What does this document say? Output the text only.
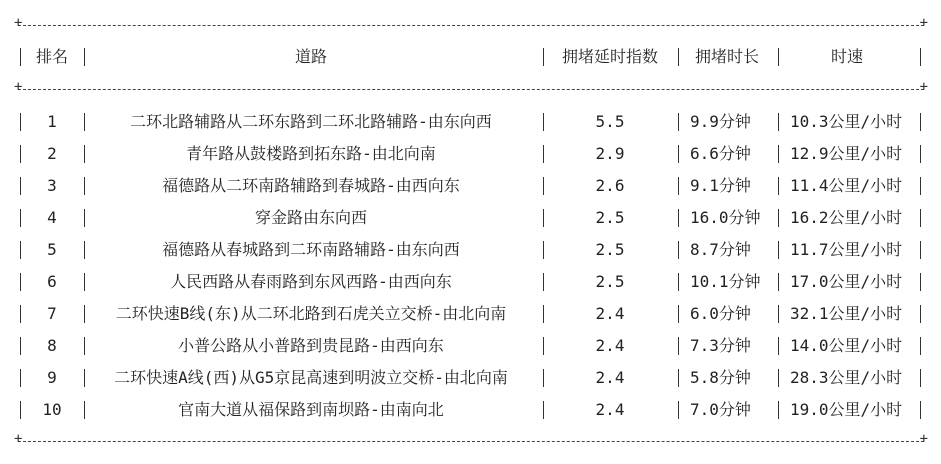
+ +
+ +
+ +
排名	道路	拥堵延时指数	拥堵时长	时速
1	二环北路辅路从二环东路到二环北路辅路-由东向西	5.5	9.9分钟	10.3公里/小时
2	青年路从鼓楼路到拓东路-由北向南	2.9	6.6分钟	12.9公里/小时
3	福德路从二环南路辅路到春城路-由西向东	2.6	9.1分钟	11.4公里/小时
4	穿金路由东向西	2.5	16.0分钟	16.2公里/小时
5	福德路从春城路到二环南路辅路-由东向西	2.5	8.7分钟	11.7公里/小时
6	人民西路从春雨路到东风西路-由西向东	2.5	10.1分钟	17.0公里/小时
7	二环快速B线(东)从二环北路到石虎关立交桥-由北向南	2.4	6.0分钟	32.1公里/小时
8	小普公路从小普路到贵昆路-由西向东	2.4	7.3分钟	14.0公里/小时
9	二环快速A线(西)从G5京昆高速到明波立交桥-由北向南	2.4	5.8分钟	28.3公里/小时
10	官南大道从福保路到南坝路-由南向北	2.4	7.0分钟	19.0公里/小时
